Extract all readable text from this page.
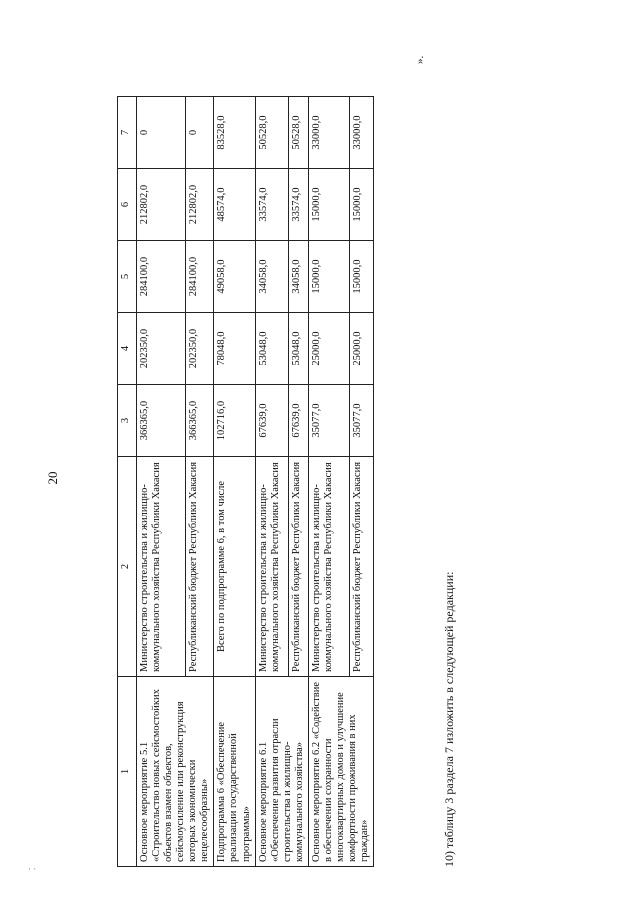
20
· ·
1	2	3	4	5	6	7
Основное мероприятие 5.1 «Строительство новых сейсмостойких объектов взамен объектов, сейсмоусиление или реконструкция которых экономически нецелесообразны»	Министерство строительства и жилищно-коммунального хозяйства Республики Хакасия	366365,0	202350,0	284100,0	212802,0	0
	Республиканский бюджет Республики Хакасия	366365,0	202350,0	284100,0	212802,0	0
Подпрограмма 6 «Обеспечение реализации государственной программы»	Всего по подпрограмме 6, в том числе	102716,0	78048,0	49058,0	48574,0	83528,0
Основное мероприятие 6.1 «Обеспечение развития отрасли строительства и жилищно-коммунального хозяйства»	Министерство строительства и жилищно-коммунального хозяйства Республики Хакасия	67639,0	53048,0	34058,0	33574,0	50528,0
	Республиканский бюджет Республики Хакасия	67639,0	53048,0	34058,0	33574,0	50528,0
Основное мероприятие 6.2 «Содействие в обеспечении сохранности многоквартирных домов и улучшение комфортности проживания в них граждан»	Министерство строительства и жилищно-коммунального хозяйства Республики Хакасия	35077,0	25000,0	15000,0	15000,0	33000,0
	Республиканский бюджет Республики Хакасия	35077,0	25000,0	15000,0	15000,0	33000,0
».
10) таблицу 3 раздела 7 изложить в следующей редакции:
